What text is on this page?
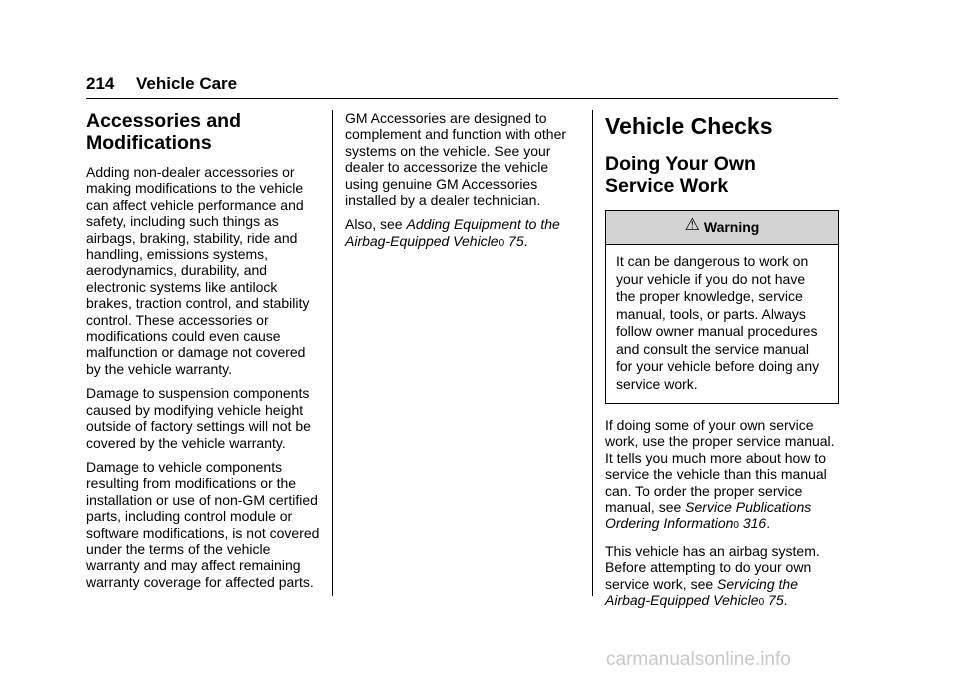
214 Vehicle Care
Accessories and
Modifications

Adding non-dealer accessories or making modifications to the vehicle can affect vehicle performance and safety, including such things as airbags, braking, stability, ride and handling, emissions systems, aerodynamics, durability, and electronic systems like antilock brakes, traction control, and stability control. These accessories or modifications could even cause malfunction or damage not covered by the vehicle warranty.

Damage to suspension components caused by modifying vehicle height outside of factory settings will not be covered by the vehicle warranty.

Damage to vehicle components resulting from modifications or the installation or use of non-GM certified parts, including control module or software modifications, is not covered under the terms of the vehicle warranty and may affect remaining warranty coverage for affected parts.

GM Accessories are designed to complement and function with other systems on the vehicle. See your dealer to accessorize the vehicle using genuine GM Accessories installed by a dealer technician.

Also, see Adding Equipment to the Airbag-Equipped Vehicle0 75.

Vehicle Checks
Doing Your Own
Service Work
⚠ Warning
It can be dangerous to work on your vehicle if you do not have the proper knowledge, service manual, tools, or parts. Always follow owner manual procedures and consult the service manual for your vehicle before doing any service work.

If doing some of your own service work, use the proper service manual. It tells you much more about how to service the vehicle than this manual can. To order the proper service manual, see Service Publications Ordering Information0 316.

This vehicle has an airbag system. Before attempting to do your own service work, see Servicing the Airbag-Equipped Vehicle0 75.

carmanualsonline.info
